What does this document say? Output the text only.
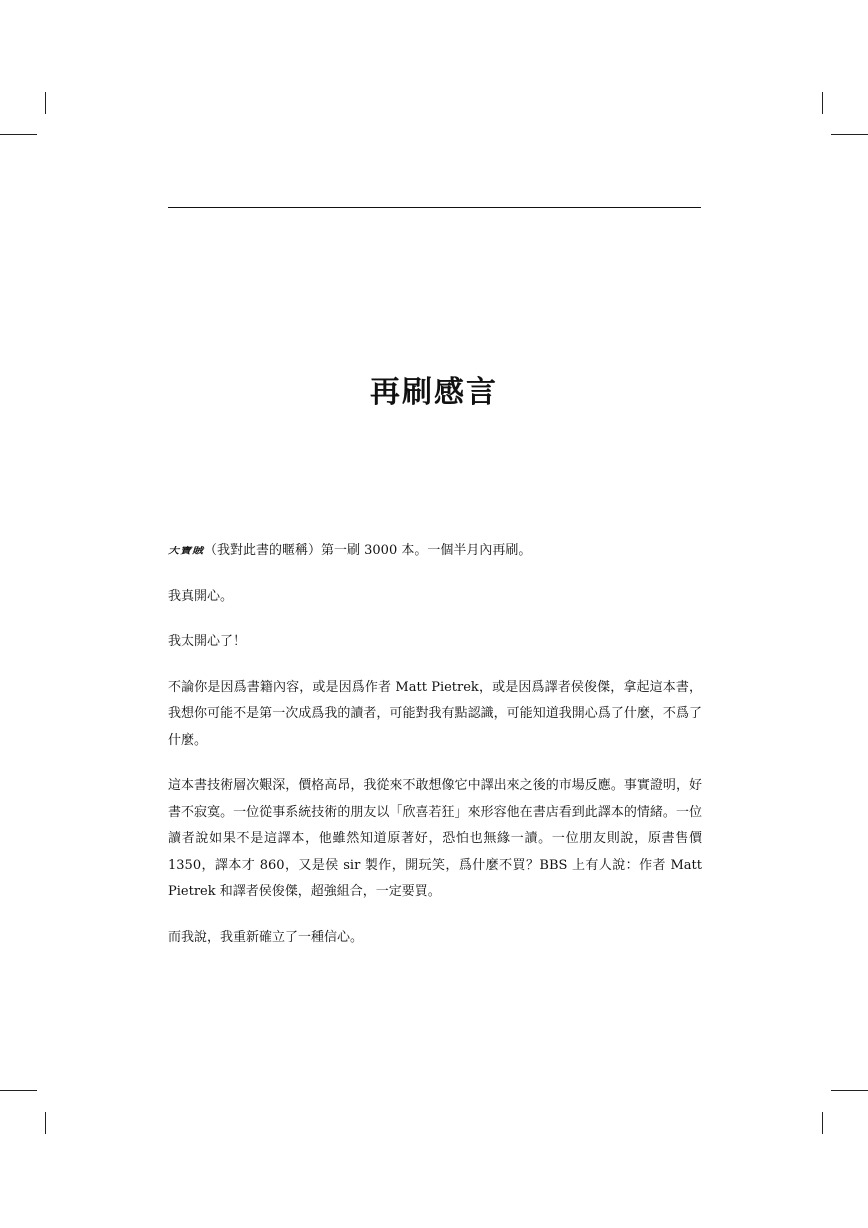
再刷感言

大寶賊（我對此書的暱稱）第一刷 3000 本。一個半月內再刷。

我真開心。

我太開心了！

不論你是因爲書籍內容，或是因爲作者 Matt Pietrek，或是因爲譯者侯俊傑，拿起這本書，我想你可能不是第一次成爲我的讀者，可能對我有點認識，可能知道我開心爲了什麼，不爲了什麼。

這本書技術層次艱深，價格高昂，我從來不敢想像它中譯出來之後的市場反應。事實證明，好書不寂寞。一位從事系統技術的朋友以「欣喜若狂」來形容他在書店看到此譯本的情緒。一位讀者說如果不是這譯本，他雖然知道原著好，恐怕也無緣一讀。一位朋友則說，原書售價 1350，譯本才 860，又是侯 sir 製作，開玩笑，爲什麼不買？BBS 上有人說：作者 Matt Pietrek 和譯者侯俊傑，超強組合，一定要買。

而我說，我重新確立了一種信心。
